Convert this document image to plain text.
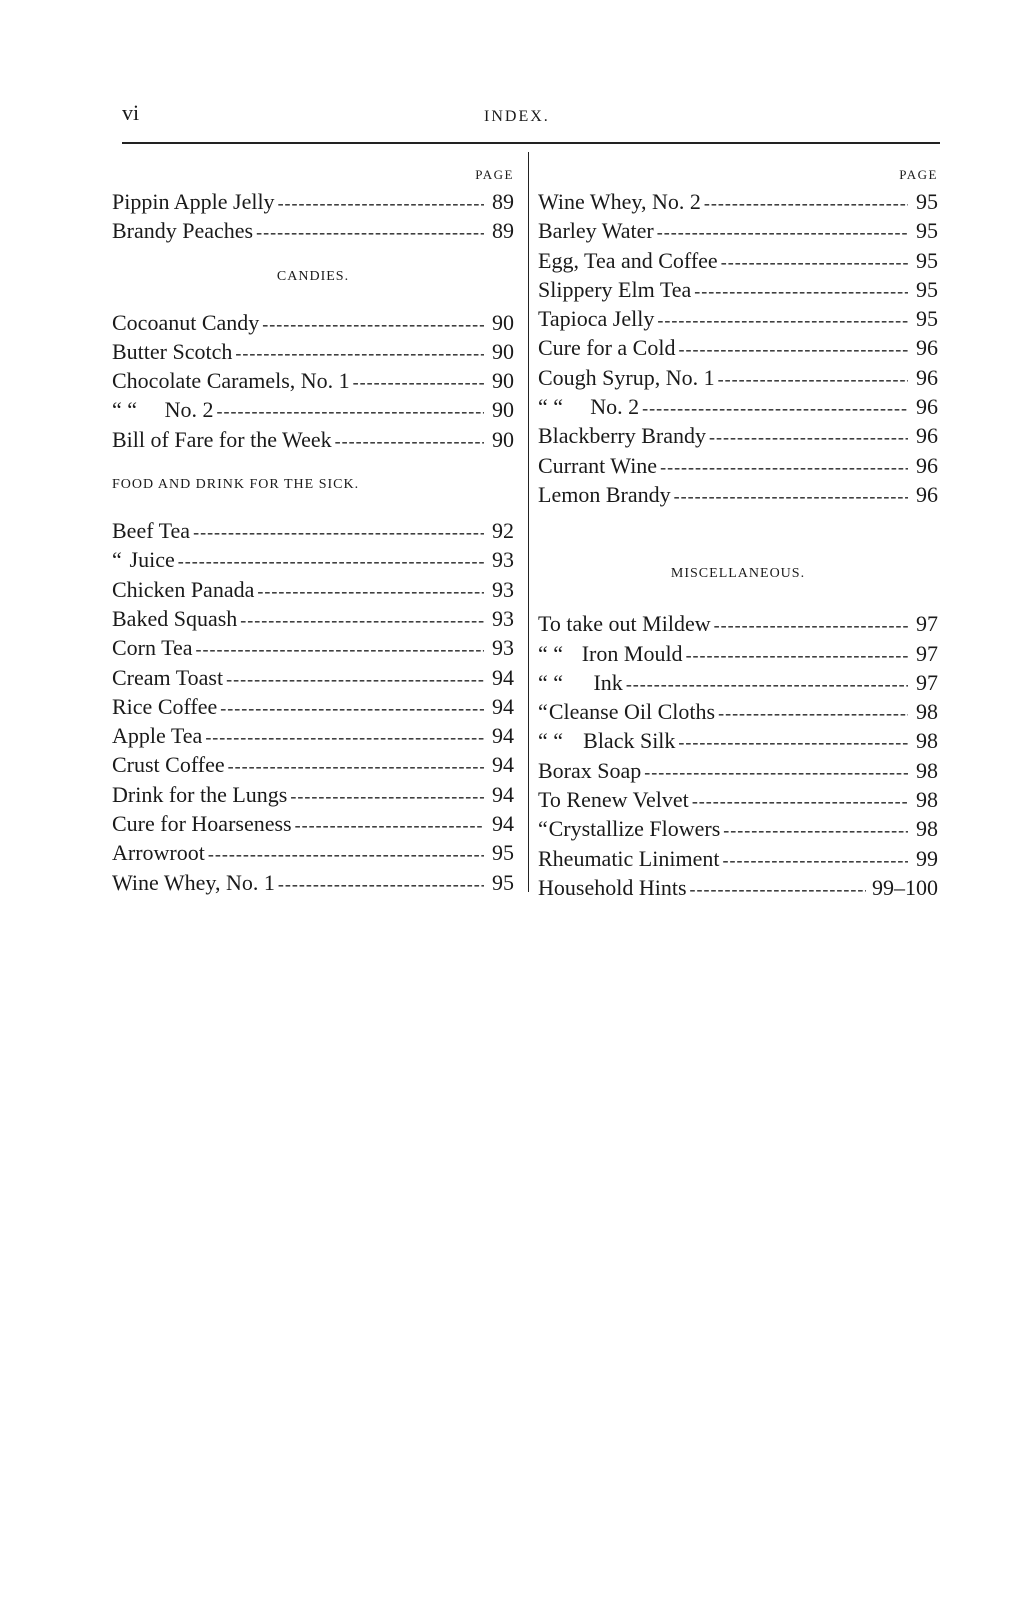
vi	INDEX.
PAGE
Pippin Apple Jelly -----	89
Brandy Peaches -----	89
CANDIES.
Cocoanut Candy -----	90
Butter Scotch -----	90
Chocolate Caramels, No. 1 -----	90
“ “	No. 2 -----	90
Bill of Fare for the Week -----	90
FOOD AND DRINK FOR THE SICK.
Beef Tea -----	92
“ Juice -----	93
Chicken Panada -----	93
Baked Squash -----	93
Corn Tea -----	93
Cream Toast -----	94
Rice Coffee -----	94
Apple Tea -----	94
Crust Coffee -----	94
Drink for the Lungs -----	94
Cure for Hoarseness -----	94
Arrowroot -----	95
Wine Whey, No. 1 -----	95
PAGE
Wine Whey, No. 2 -----	95
Barley Water -----	95
Egg, Tea and Coffee -----	95
Slippery Elm Tea -----	95
Tapioca Jelly -----	95
Cure for a Cold -----	96
Cough Syrup, No. 1 -----	96
“ “	No. 2 -----	96
Blackberry Brandy -----	96
Currant Wine -----	96
Lemon Brandy -----	96
MISCELLANEOUS.
To take out Mildew -----	97
“ “ Iron Mould -----	97
“ “	Ink -----	97
“ Cleanse Oil Cloths -----	98
“ “ Black Silk -----	98
Borax Soap -----	98
To Renew Velvet -----	98
“ Crystallize Flowers -----	98
Rheumatic Liniment -----	99
Household Hints -----	99–100
